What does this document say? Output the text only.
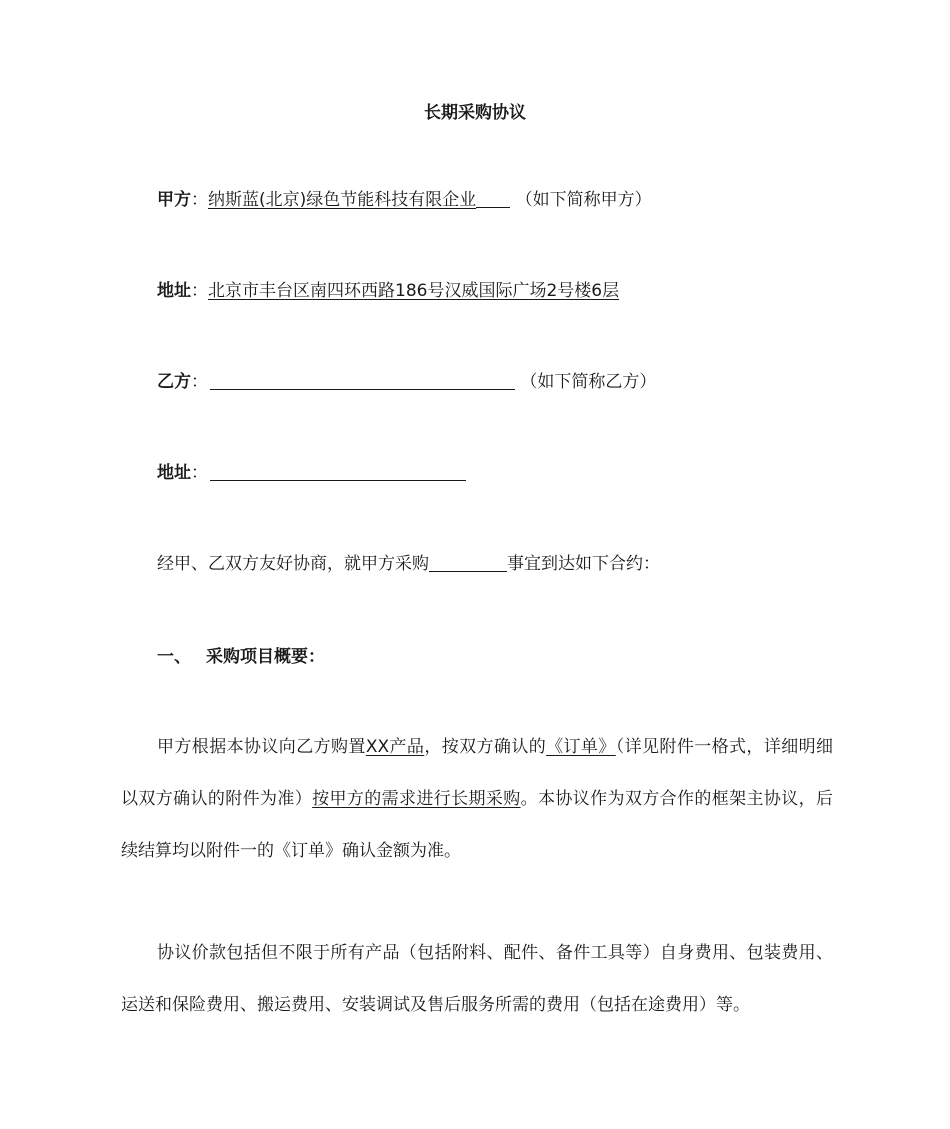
长期采购协议
甲方：纳斯蓝(北京)绿色节能科技有限企业 （如下简称甲方）
地址：北京市丰台区南四环西路186号汉威国际广场2号楼6层
乙方：	（如下简称乙方）
地址：
经甲、乙双方友好协商，就甲方采购	事宜到达如下合约：
一、 采购项目概要：
甲方根据本协议向乙方购置XX产品，按双方确认的《订单》（详见附件一格式，详细明细以双方确认的附件为准）按甲方的需求进行长期采购。本协议作为双方合作的框架主协议，后续结算均以附件一的《订单》确认金额为准。
协议价款包括但不限于所有产品（包括附料、配件、备件工具等）自身费用、包装费用、运送和保险费用、搬运费用、安装调试及售后服务所需的费用（包括在途费用）等。
